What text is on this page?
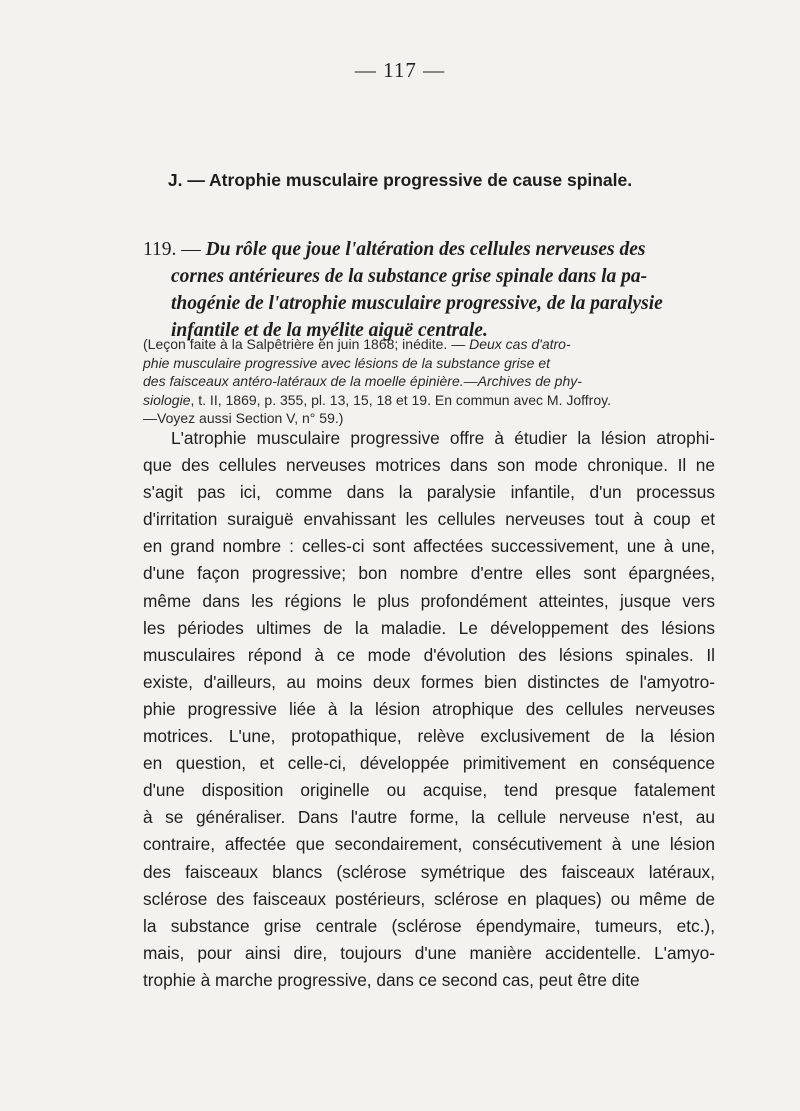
— 117 —
J. — Atrophie musculaire progressive de cause spinale.
119. — Du rôle que joue l'altération des cellules nerveuses des
cornes antérieures de la substance grise spinale dans la pa-
thogénie de l'atrophie musculaire progressive, de la paralysie
infantile et de la myélite aiguë centrale.
(Leçon faite à la Salpêtrière en juin 1868; inédite. — Deux cas d'atro-
phie musculaire progressive avec lésions de la substance grise et
des faisceaux antéro-latéraux de la moelle épinière.—Archives de phy-
siologie, t. II, 1869, p. 355, pl. 13, 15, 18 et 19. En commun avec M. Joffroy.
—Voyez aussi Section V, n° 59.)
L'atrophie musculaire progressive offre à étudier la lésion atrophi-
que des cellules nerveuses motrices dans son mode chronique. Il ne
s'agit pas ici, comme dans la paralysie infantile, d'un processus
d'irritation suraiguë envahissant les cellules nerveuses tout à coup et
en grand nombre : celles-ci sont affectées successivement, une à une,
d'une façon progressive; bon nombre d'entre elles sont épargnées,
même dans les régions le plus profondément atteintes, jusque vers
les périodes ultimes de la maladie. Le développement des lésions
musculaires répond à ce mode d'évolution des lésions spinales. Il
existe, d'ailleurs, au moins deux formes bien distinctes de l'amyotro-
phie progressive liée à la lésion atrophique des cellules nerveuses
motrices. L'une, protopathique, relève exclusivement de la lésion
en question, et celle-ci, développée primitivement en conséquence
d'une disposition originelle ou acquise, tend presque fatalement
à se généraliser. Dans l'autre forme, la cellule nerveuse n'est, au
contraire, affectée que secondairement, consécutivement à une lésion
des faisceaux blancs (sclérose symétrique des faisceaux latéraux,
sclérose des faisceaux postérieurs, sclérose en plaques) ou même de
la substance grise centrale (sclérose épendymaire, tumeurs, etc.),
mais, pour ainsi dire, toujours d'une manière accidentelle. L'amyo-
trophie à marche progressive, dans ce second cas, peut être dite
